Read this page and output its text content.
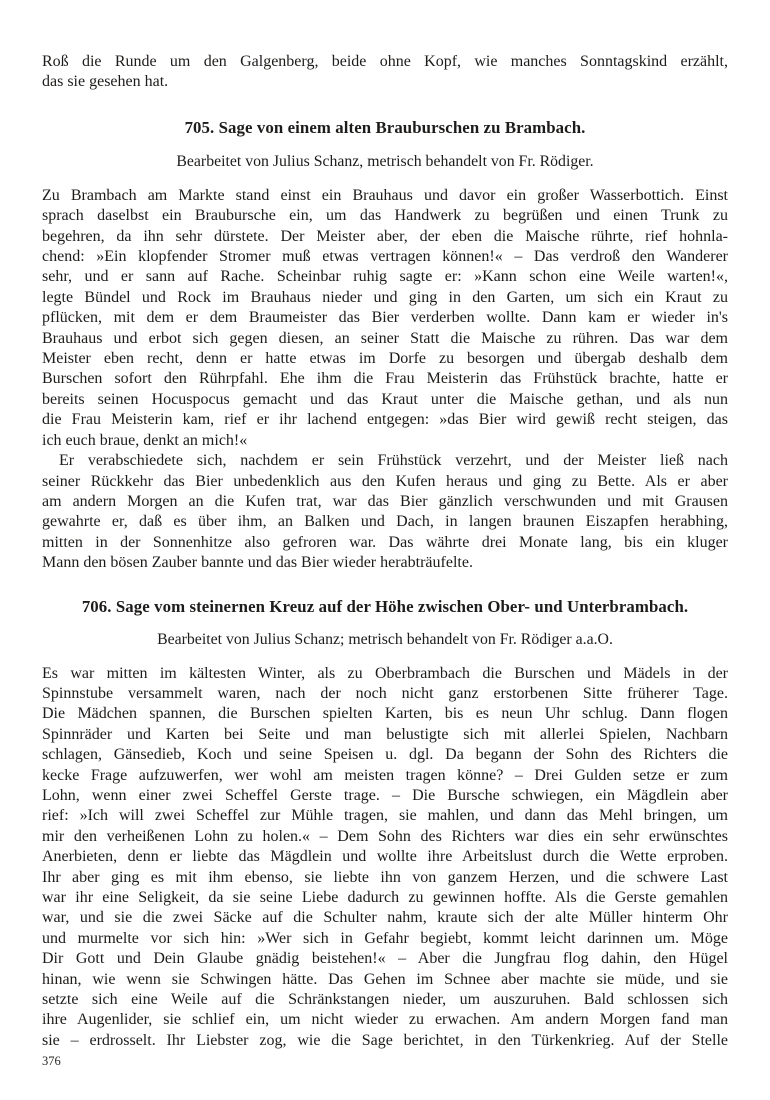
Roß die Runde um den Galgenberg, beide ohne Kopf, wie manches Sonntagskind erzählt,
das sie gesehen hat.
705. Sage von einem alten Brauburschen zu Brambach.
Bearbeitet von Julius Schanz, metrisch behandelt von Fr. Rödiger.
Zu Brambach am Markte stand einst ein Brauhaus und davor ein großer Wasserbottich. Einst
sprach daselbst ein Braubursche ein, um das Handwerk zu begrüßen und einen Trunk zu
begehren, da ihn sehr dürstete. Der Meister aber, der eben die Maische rührte, rief hohnla-
chend: »Ein klopfender Stromer muß etwas vertragen können!« – Das verdroß den Wanderer
sehr, und er sann auf Rache. Scheinbar ruhig sagte er: »Kann schon eine Weile warten!«,
legte Bündel und Rock im Brauhaus nieder und ging in den Garten, um sich ein Kraut zu
pflücken, mit dem er dem Braumeister das Bier verderben wollte. Dann kam er wieder in's
Brauhaus und erbot sich gegen diesen, an seiner Statt die Maische zu rühren. Das war dem
Meister eben recht, denn er hatte etwas im Dorfe zu besorgen und übergab deshalb dem
Burschen sofort den Rührpfahl. Ehe ihm die Frau Meisterin das Frühstück brachte, hatte er
bereits seinen Hocuspocus gemacht und das Kraut unter die Maische gethan, und als nun
die Frau Meisterin kam, rief er ihr lachend entgegen: »das Bier wird gewiß recht steigen, das
ich euch braue, denkt an mich!«
Er verabschiedete sich, nachdem er sein Frühstück verzehrt, und der Meister ließ nach
seiner Rückkehr das Bier unbedenklich aus den Kufen heraus und ging zu Bette. Als er aber
am andern Morgen an die Kufen trat, war das Bier gänzlich verschwunden und mit Grausen
gewahrte er, daß es über ihm, an Balken und Dach, in langen braunen Eiszapfen herabhing,
mitten in der Sonnenhitze also gefroren war. Das währte drei Monate lang, bis ein kluger
Mann den bösen Zauber bannte und das Bier wieder herabträufelte.
706. Sage vom steinernen Kreuz auf der Höhe zwischen Ober- und Unterbrambach.
Bearbeitet von Julius Schanz; metrisch behandelt von Fr. Rödiger a.a.O.
Es war mitten im kältesten Winter, als zu Oberbrambach die Burschen und Mädels in der
Spinnstube versammelt waren, nach der noch nicht ganz erstorbenen Sitte früherer Tage.
Die Mädchen spannen, die Burschen spielten Karten, bis es neun Uhr schlug. Dann flogen
Spinnräder und Karten bei Seite und man belustigte sich mit allerlei Spielen, Nachbarn
schlagen, Gänsedieb, Koch und seine Speisen u. dgl. Da begann der Sohn des Richters die
kecke Frage aufzuwerfen, wer wohl am meisten tragen könne? – Drei Gulden setze er zum
Lohn, wenn einer zwei Scheffel Gerste trage. – Die Bursche schwiegen, ein Mägdlein aber
rief: »Ich will zwei Scheffel zur Mühle tragen, sie mahlen, und dann das Mehl bringen, um
mir den verheißenen Lohn zu holen.« – Dem Sohn des Richters war dies ein sehr erwünschtes
Anerbieten, denn er liebte das Mägdlein und wollte ihre Arbeitslust durch die Wette erproben.
Ihr aber ging es mit ihm ebenso, sie liebte ihn von ganzem Herzen, und die schwere Last
war ihr eine Seligkeit, da sie seine Liebe dadurch zu gewinnen hoffte. Als die Gerste gemahlen
war, und sie die zwei Säcke auf die Schulter nahm, kraute sich der alte Müller hinterm Ohr
und murmelte vor sich hin: »Wer sich in Gefahr begiebt, kommt leicht darinnen um. Möge
Dir Gott und Dein Glaube gnädig beistehen!« – Aber die Jungfrau flog dahin, den Hügel
hinan, wie wenn sie Schwingen hätte. Das Gehen im Schnee aber machte sie müde, und sie
setzte sich eine Weile auf die Schränkstangen nieder, um auszuruhen. Bald schlossen sich
ihre Augenlider, sie schlief ein, um nicht wieder zu erwachen. Am andern Morgen fand man
sie – erdrosselt. Ihr Liebster zog, wie die Sage berichtet, in den Türkenkrieg. Auf der Stelle
376
